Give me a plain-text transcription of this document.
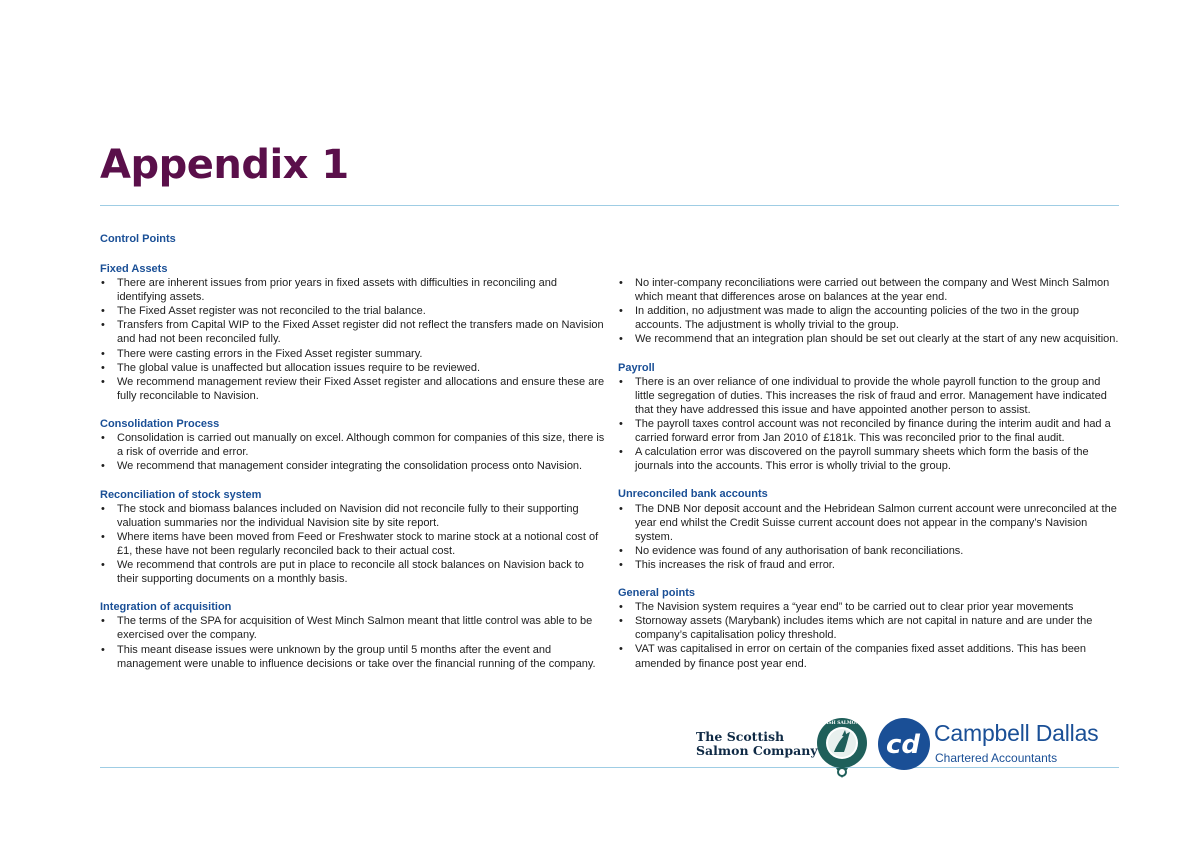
Appendix 1
Control Points
Fixed Assets
• There are inherent issues from prior years in fixed assets with difficulties in reconciling and identifying assets.
• The Fixed Asset register was not reconciled to the trial balance.
• Transfers from Capital WIP to the Fixed Asset register did not reflect the transfers made on Navision and had not been reconciled fully.
• There were casting errors in the Fixed Asset register summary.
• The global value is unaffected but allocation issues require to be reviewed.
• We recommend management review their Fixed Asset register and allocations and ensure these are fully reconcilable to Navision.
Consolidation Process
• Consolidation is carried out manually on excel. Although common for companies of this size, there is a risk of override and error.
• We recommend that management consider integrating the consolidation process onto Navision.
Reconciliation of stock system
• The stock and biomass balances included on Navision did not reconcile fully to their supporting valuation summaries nor the individual Navision site by site report.
• Where items have been moved from Feed or Freshwater stock to marine stock at a notional cost of £1, these have not been regularly reconciled back to their actual cost.
• We recommend that controls are put in place to reconcile all stock balances on Navision back to their supporting documents on a monthly basis.
Integration of acquisition
• The terms of the SPA for acquisition of West Minch Salmon meant that little control was able to be exercised over the company.
• This meant disease issues were unknown by the group until 5 months after the event and management were unable to influence decisions or take over the financial running of the company.
• No inter-company reconciliations were carried out between the company and West Minch Salmon which meant that differences arose on balances at the year end.
• In addition, no adjustment was made to align the accounting policies of the two in the group accounts. The adjustment is wholly trivial to the group.
• We recommend that an integration plan should be set out clearly at the start of any new acquisition.
Payroll
• There is an over reliance of one individual to provide the whole payroll function to the group and little segregation of duties. This increases the risk of fraud and error. Management have indicated that they have addressed this issue and have appointed another person to assist.
• The payroll taxes control account was not reconciled by finance during the interim audit and had a carried forward error from Jan 2010 of £181k. This was reconciled prior to the final audit.
• A calculation error was discovered on the payroll summary sheets which form the basis of the journals into the accounts. This error is wholly trivial to the group.
Unreconciled bank accounts
• The DNB Nor deposit account and the Hebridean Salmon current account were unreconciled at the year end whilst the Credit Suisse current account does not appear in the company’s Navision system.
• No evidence was found of any authorisation of bank reconciliations.
• This increases the risk of fraud and error.
General points
• The Navision system requires a “year end” to be carried out to clear prior year movements
• Stornoway assets (Marybank) includes items which are not capital in nature and are under the company’s capitalisation policy threshold.
• VAT was capitalised in error on certain of the companies fixed asset additions. This has been amended by finance post year end.
The Scottish
Salmon Company
THE SCOTTISH SALMON COMPANY
cd Campbell Dallas
Chartered Accountants
